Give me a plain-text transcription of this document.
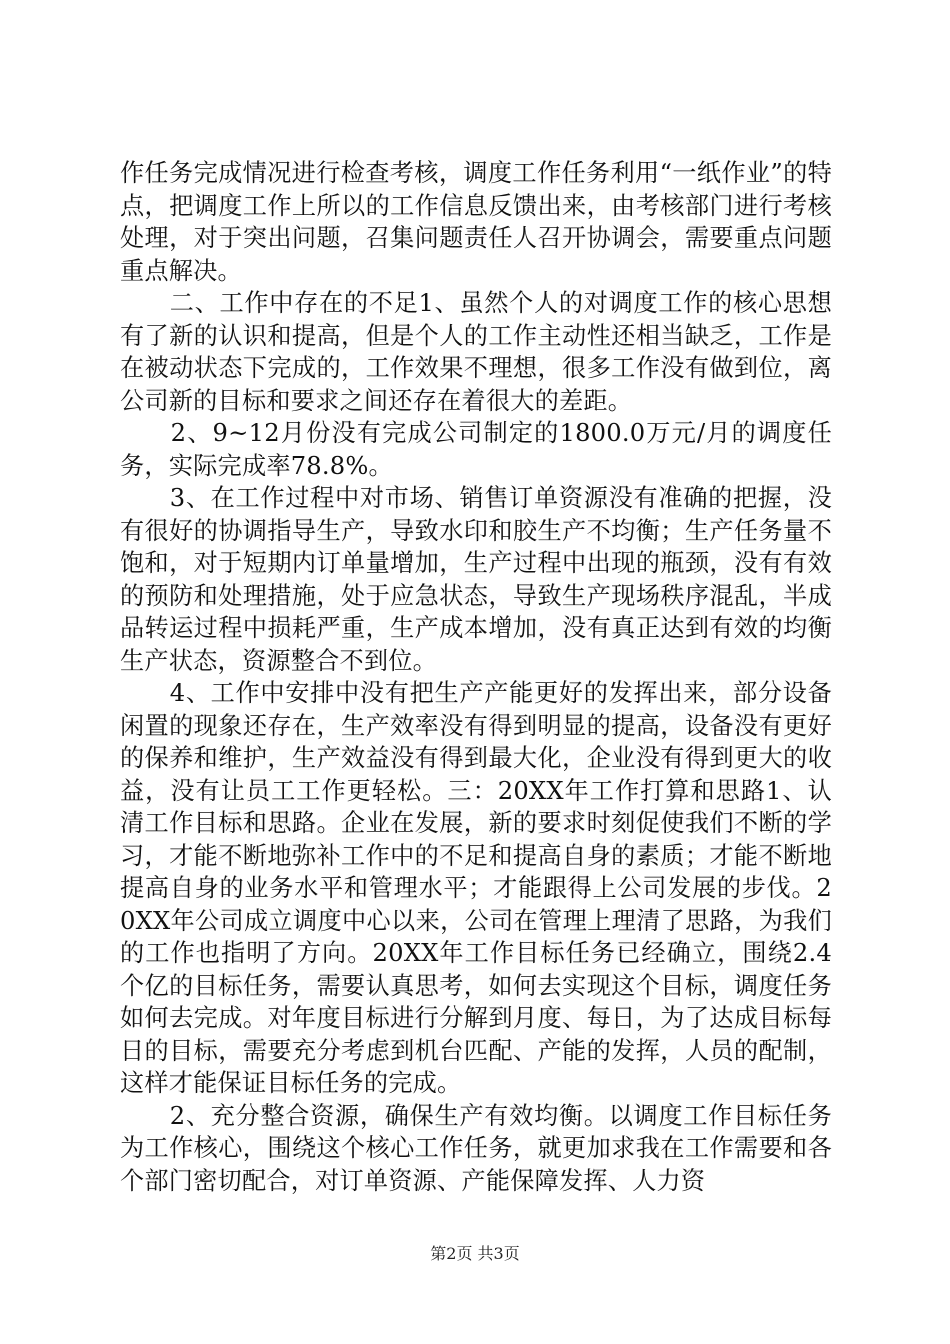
作任务完成情况进行检查考核，调度工作任务利用“一纸作业”的特点，把调度工作上所以的工作信息反馈出来，由考核部门进行考核处理，对于突出问题，召集问题责任人召开协调会，需要重点问题重点解决。

　　二、工作中存在的不足1、虽然个人的对调度工作的核心思想有了新的认识和提高，但是个人的工作主动性还相当缺乏，工作是在被动状态下完成的，工作效果不理想，很多工作没有做到位，离公司新的目标和要求之间还存在着很大的差距。

　　2、9~12月份没有完成公司制定的1800.0万元/月的调度任务，实际完成率78.8%。

　　3、在工作过程中对市场、销售订单资源没有准确的把握，没有很好的协调指导生产，导致水印和胶生产不均衡；生产任务量不饱和，对于短期内订单量增加，生产过程中出现的瓶颈，没有有效的预防和处理措施，处于应急状态，导致生产现场秩序混乱，半成品转运过程中损耗严重，生产成本增加，没有真正达到有效的均衡生产状态，资源整合不到位。

　　4、工作中安排中没有把生产产能更好的发挥出来，部分设备闲置的现象还存在，生产效率没有得到明显的提高，设备没有更好的保养和维护，生产效益没有得到最大化，企业没有得到更大的收益，没有让员工工作更轻松。三：20XX年工作打算和思路1、认清工作目标和思路。企业在发展，新的要求时刻促使我们不断的学习，才能不断地弥补工作中的不足和提高自身的素质；才能不断地提高自身的业务水平和管理水平；才能跟得上公司发展的步伐。20XX年公司成立调度中心以来，公司在管理上理清了思路，为我们的工作也指明了方向。20XX年工作目标任务已经确立，围绕2.4个亿的目标任务，需要认真思考，如何去实现这个目标，调度任务如何去完成。对年度目标进行分解到月度、每日，为了达成目标每日的目标，需要充分考虑到机台匹配、产能的发挥，人员的配制，这样才能保证目标任务的完成。

　　2、充分整合资源，确保生产有效均衡。以调度工作目标任务为工作核心，围绕这个核心工作任务，就更加求我在工作需要和各个部门密切配合，对订单资源、产能保障发挥、人力资

第2页 共3页
